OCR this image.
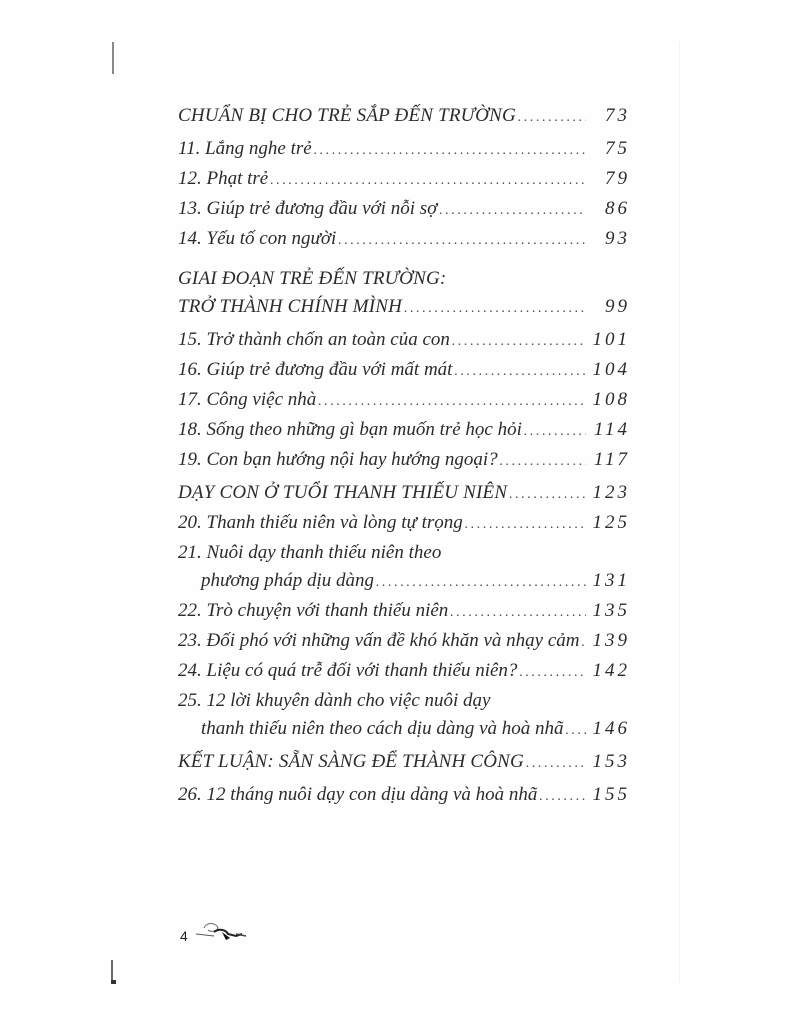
CHUẨN BỊ CHO TRẺ SẮP ĐẾN TRƯỜNG .....	73
11. Lắng nghe trẻ .....	75
12. Phạt trẻ .....	79
13. Giúp trẻ đương đầu với nỗi sợ .....	86
14. Yếu tố con người .....	93
GIAI ĐOẠN TRẺ ĐẾN TRƯỜNG:
TRỞ THÀNH CHÍNH MÌNH .....	99
15. Trở thành chốn an toàn của con .....	101
16. Giúp trẻ đương đầu với mất mát .....	104
17. Công việc nhà .....	108
18. Sống theo những gì bạn muốn trẻ học hỏi .....	114
19. Con bạn hướng nội hay hướng ngoại? .....	117
DẠY CON Ở TUỔI THANH THIẾU NIÊN .....	123
20. Thanh thiếu niên và lòng tự trọng .....	125
21. Nuôi dạy thanh thiếu niên theo
phương pháp dịu dàng .....	131
22. Trò chuyện với thanh thiếu niên .....	135
23. Đối phó với những vấn đề khó khăn và nhạy cảm ..... 139
24. Liệu có quá trễ đối với thanh thiếu niên? .....	142
25. 12 lời khuyên dành cho việc nuôi dạy
thanh thiếu niên theo cách dịu dàng và hoà nhã ..... 146
KẾT LUẬN: SẴN SÀNG ĐỂ THÀNH CÔNG .....	153
26. 12 tháng nuôi dạy con dịu dàng và hoà nhã .....	155
4
